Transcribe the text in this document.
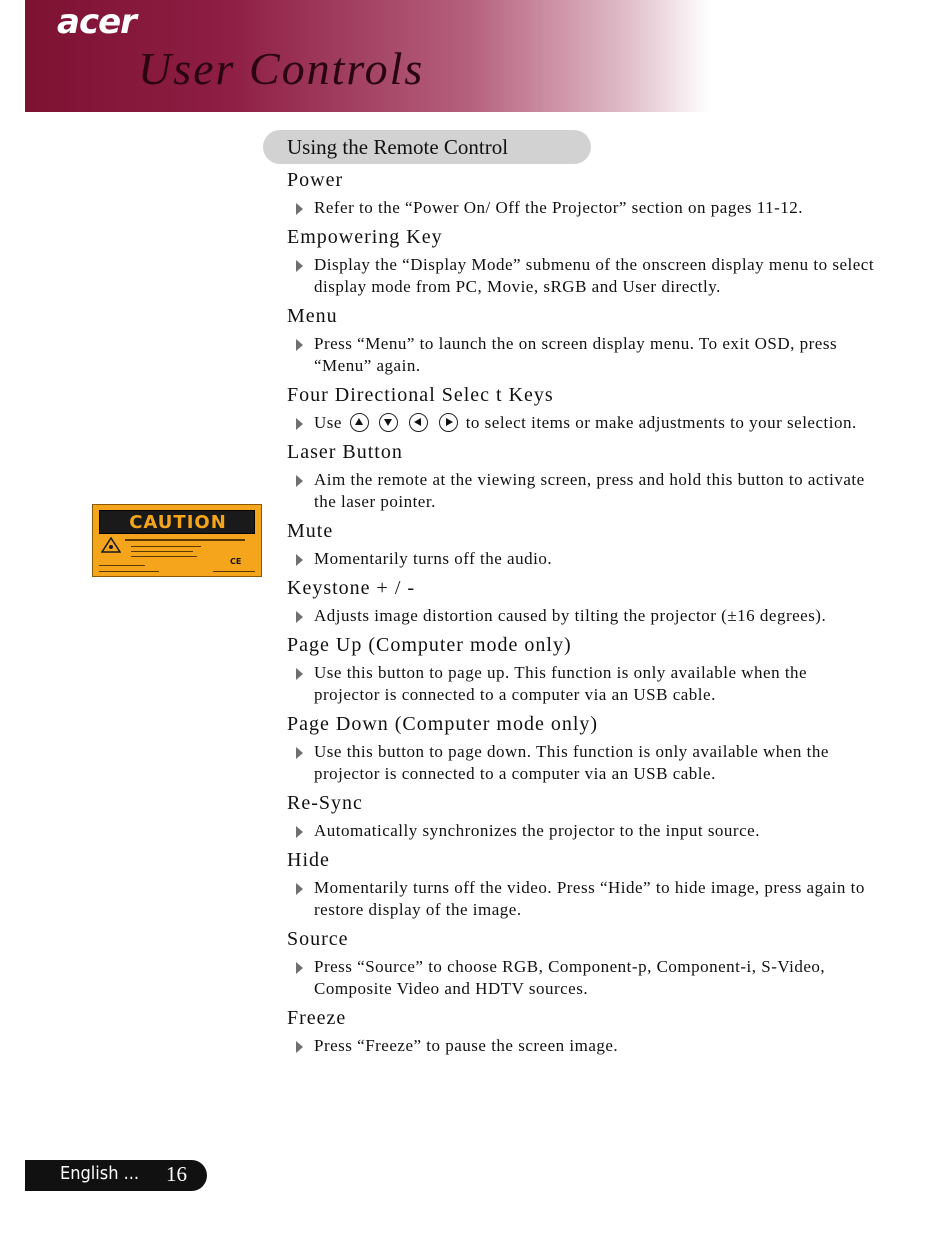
acer
User Controls
Using the Remote Control
Power
Refer to the “Power On/ Off the Projector” section on pages 11-12.
Empowering Key
Display the “Display Mode” submenu of the onscreen display menu to select display mode from PC, Movie, sRGB and User directly.
Menu
Press “Menu” to launch the on screen display menu. To exit OSD, press “Menu” again.
Four Directional Selec t Keys
Use	to select items or make adjustments to your selection.
Laser Button
Aim the remote at the viewing screen, press and hold this button to activate the laser pointer.
Mute
Momentarily turns off the audio.
Keystone + / -
Adjusts image distortion caused by tilting the projector (±16 degrees).
Page Up (Computer mode only)
Use this button to page up. This function is only available when the projector is connected to a computer via an USB cable.
Page Down (Computer mode only)
Use this button to page down. This function is only available when the projector is connected to a computer via an USB cable.
Re-Sync
Automatically synchronizes the projector to the input source.
Hide
Momentarily turns off the video. Press “Hide” to hide image, press again to restore display of the image.
Source
Press “Source” to choose RGB, Component-p, Component-i, S-Video, Composite Video and HDTV sources.
Freeze
Press “Freeze” to pause the screen image.
CAUTION
CE
English ... 16
